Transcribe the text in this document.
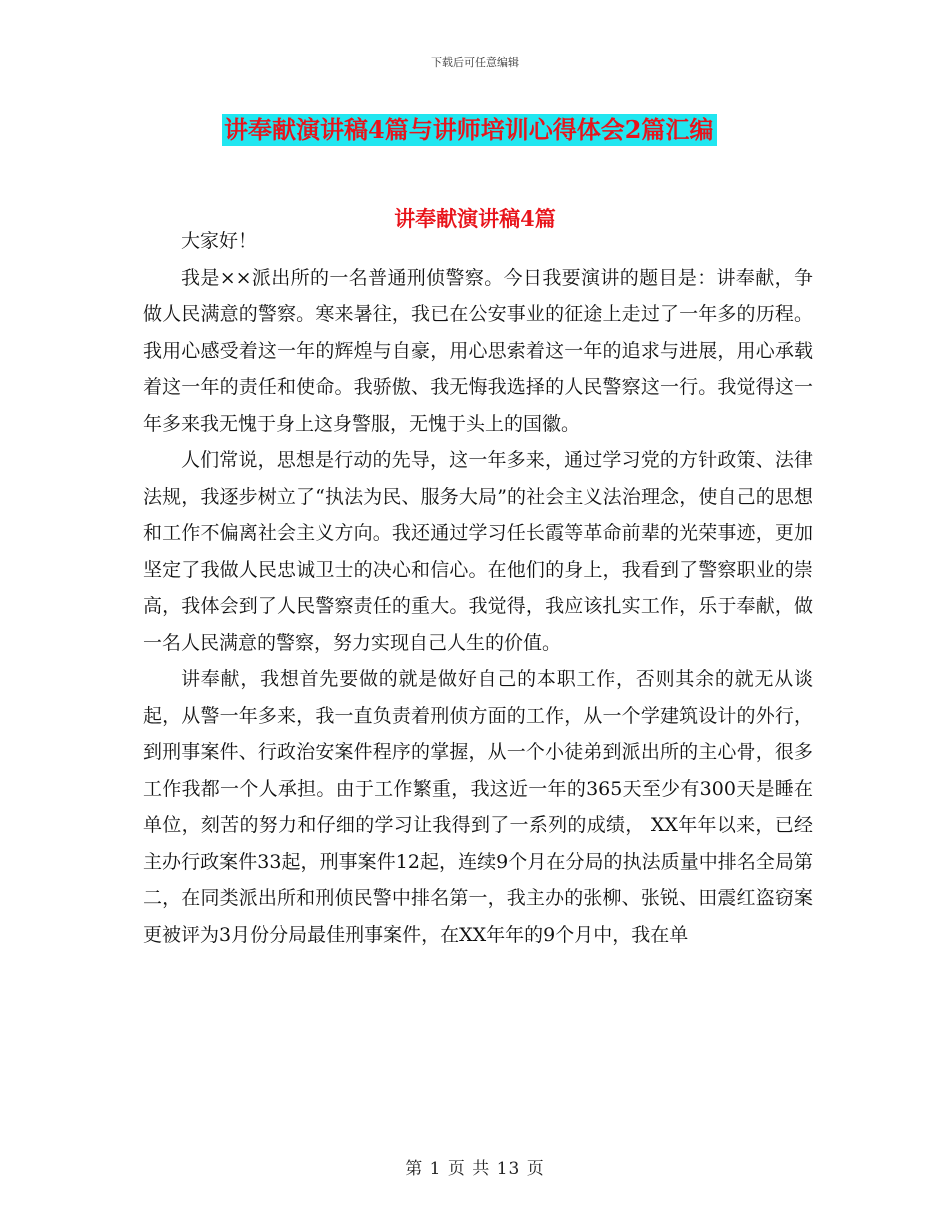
下载后可任意编辑
讲奉献演讲稿4篇与讲师培训心得体会2篇汇编
讲奉献演讲稿4篇

大家好！

我是××派出所的一名普通刑侦警察。今日我要演讲的题目是：讲奉献，争做人民满意的警察。寒来暑往，我已在公安事业的征途上走过了一年多的历程。我用心感受着这一年的辉煌与自豪，用心思索着这一年的追求与进展，用心承载着这一年的责任和使命。我骄傲、我无悔我选择的人民警察这一行。我觉得这一年多来我无愧于身上这身警服，无愧于头上的国徽。

人们常说，思想是行动的先导，这一年多来，通过学习党的方针政策、法律法规，我逐步树立了“执法为民、服务大局”的社会主义法治理念，使自己的思想和工作不偏离社会主义方向。我还通过学习任长霞等革命前辈的光荣事迹，更加坚定了我做人民忠诚卫士的决心和信心。在他们的身上，我看到了警察职业的崇高，我体会到了人民警察责任的重大。我觉得，我应该扎实工作，乐于奉献，做一名人民满意的警察，努力实现自己人生的价值。

讲奉献，我想首先要做的就是做好自己的本职工作，否则其余的就无从谈起，从警一年多来，我一直负责着刑侦方面的工作，从一个学建筑设计的外行，到刑事案件、行政治安案件程序的掌握，从一个小徒弟到派出所的主心骨，很多工作我都一个人承担。由于工作繁重，我这近一年的365天至少有300天是睡在单位，刻苦的努力和仔细的学习让我得到了一系列的成绩， XX年年以来，已经主办行政案件33起，刑事案件12起，连续9个月在分局的执法质量中排名全局第二，在同类派出所和刑侦民警中排名第一，我主办的张柳、张锐、田震红盗窃案更被评为3月份分局最佳刑事案件，在XX年年的9个月中，我在单

第 1 页 共 13 页
